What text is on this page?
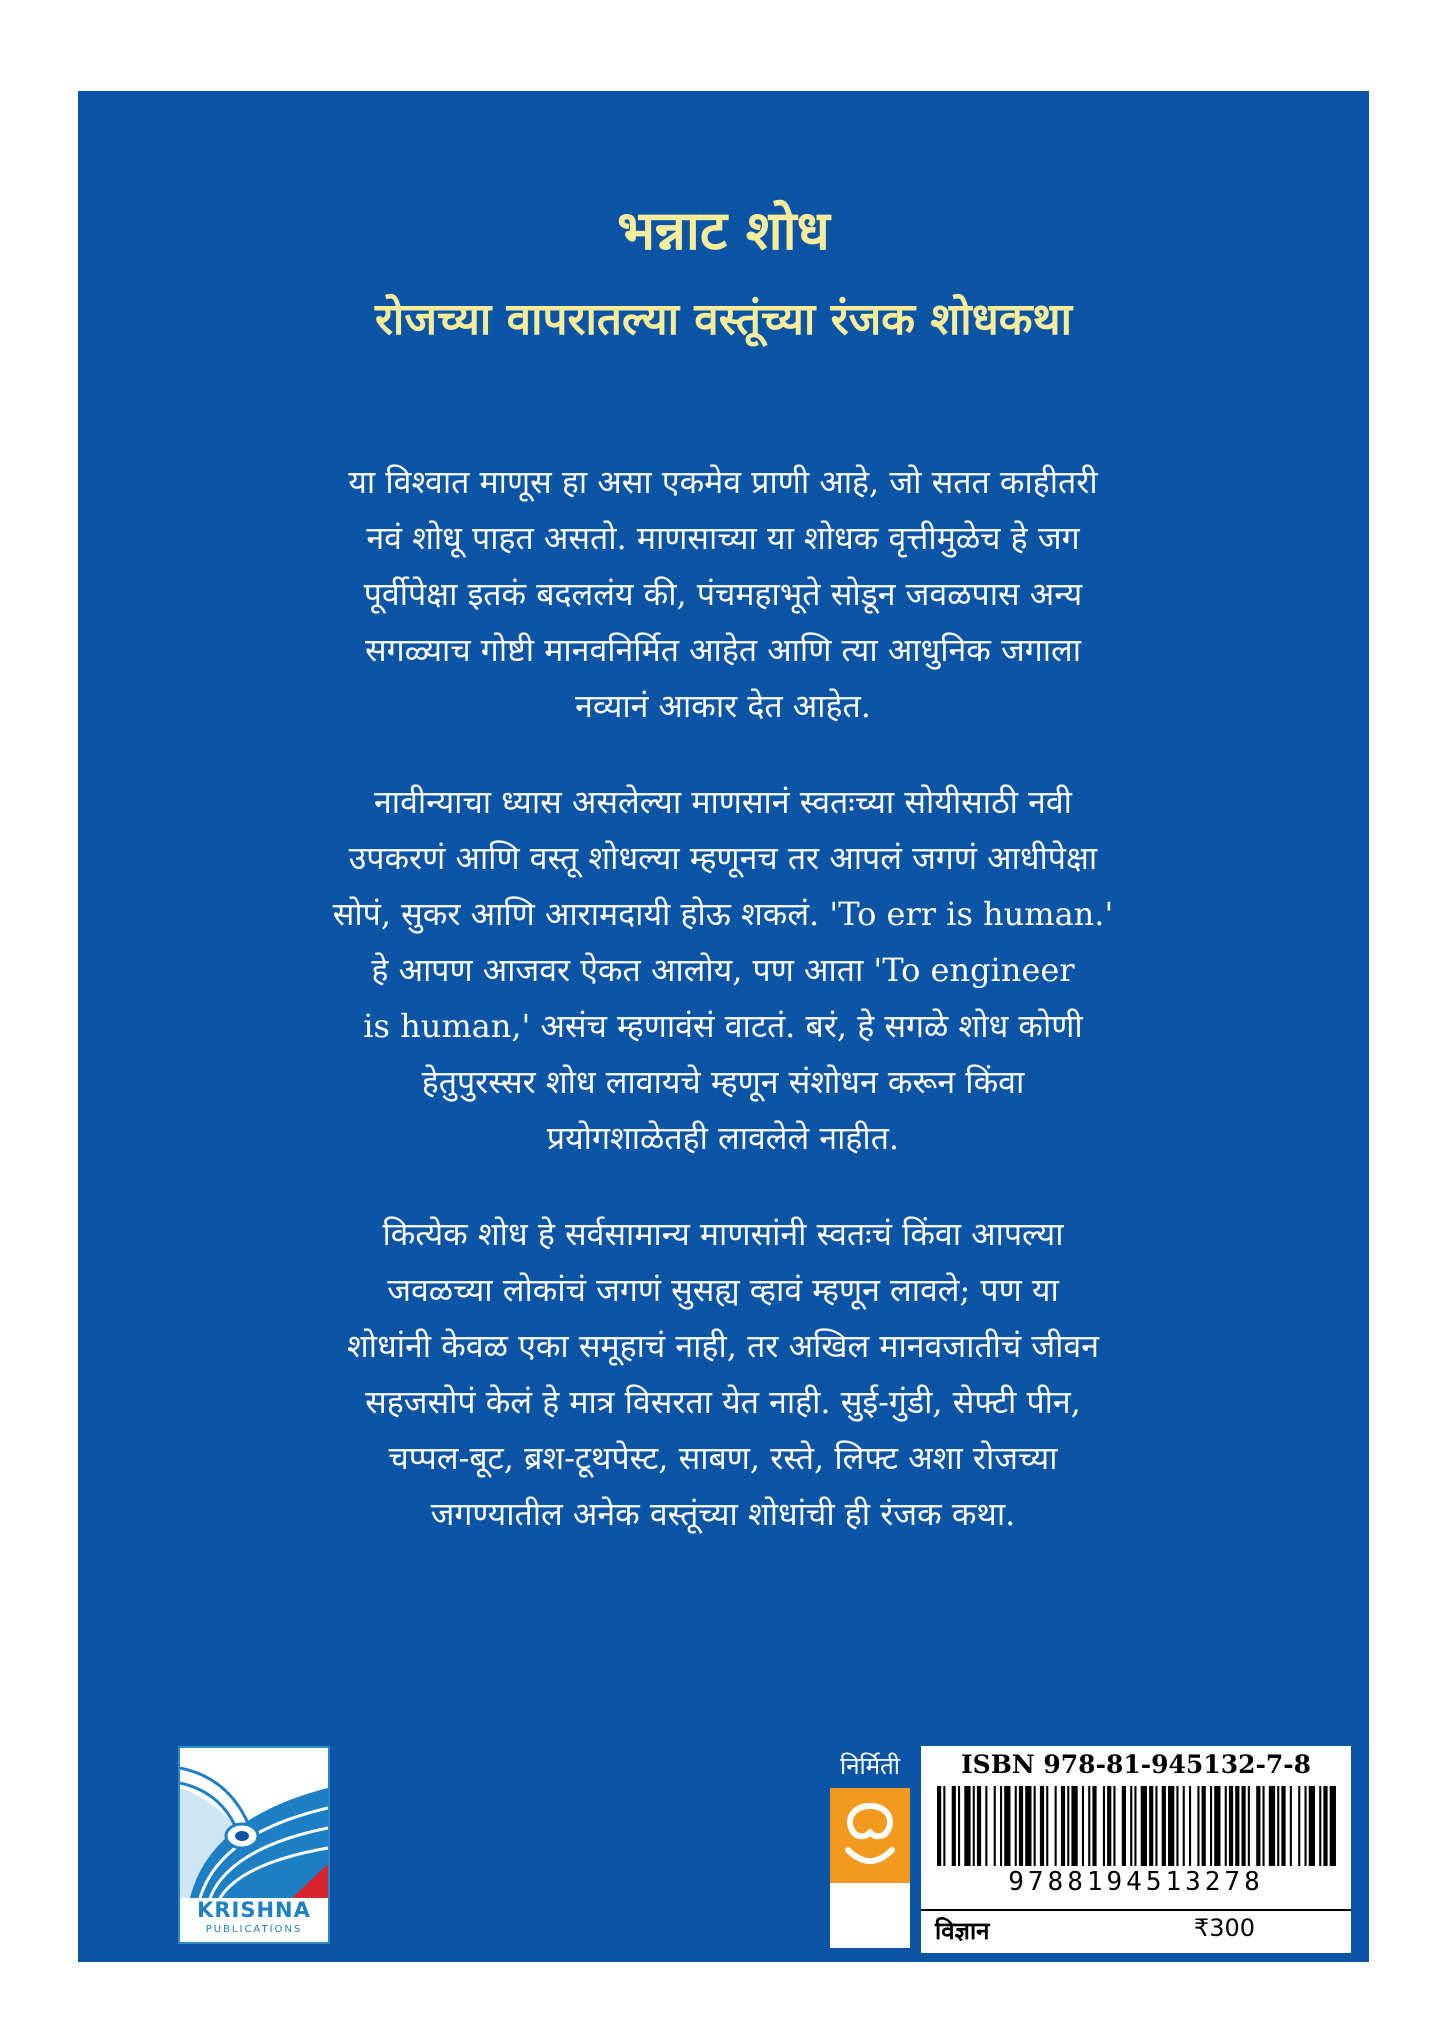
भन्नाट शोध
रोजच्या वापरातल्या वस्तूंच्या रंजक शोधकथा

या विश्वात माणूस हा असा एकमेव प्राणी आहे, जो सतत काहीतरी
नवं शोधू पाहत असतो. माणसाच्या या शोधक वृत्तीमुळेच हे जग
पूर्वीपेक्षा इतकं बदललंय की, पंचमहाभूते सोडून जवळपास अन्य
सगळ्याच गोष्टी मानवनिर्मित आहेत आणि त्या आधुनिक जगाला
नव्यानं आकार देत आहेत.

नावीन्याचा ध्यास असलेल्या माणसानं स्वतःच्या सोयीसाठी नवी
उपकरणं आणि वस्तू शोधल्या म्हणूनच तर आपलं जगणं आधीपेक्षा
सोपं, सुकर आणि आरामदायी होऊ शकलं. 'To err is human.'
हे आपण आजवर ऐकत आलोय, पण आता 'To engineer
is human,' असंच म्हणावंसं वाटतं. बरं, हे सगळे शोध कोणी
हेतुपुरस्सर शोध लावायचे म्हणून संशोधन करून किंवा
प्रयोगशाळेतही लावलेले नाहीत.

कित्येक शोध हे सर्वसामान्य माणसांनी स्वतःचं किंवा आपल्या
जवळच्या लोकांचं जगणं सुसह्य व्हावं म्हणून लावले; पण या
शोधांनी केवळ एका समूहाचं नाही, तर अखिल मानवजातीचं जीवन
सहजसोपं केलं हे मात्र विसरता येत नाही. सुई-गुंडी, सेफ्टी पीन,
चप्पल-बूट, ब्रश-टूथपेस्ट, साबण, रस्ते, लिफ्ट अशा रोजच्या
जगण्यातील अनेक वस्तूंच्या शोधांची ही रंजक कथा.

KRISHNA
PUBLICATIONS
निर्मिती	ISBN 978-81-945132-7-8
9788194513278
विज्ञान	₹300
